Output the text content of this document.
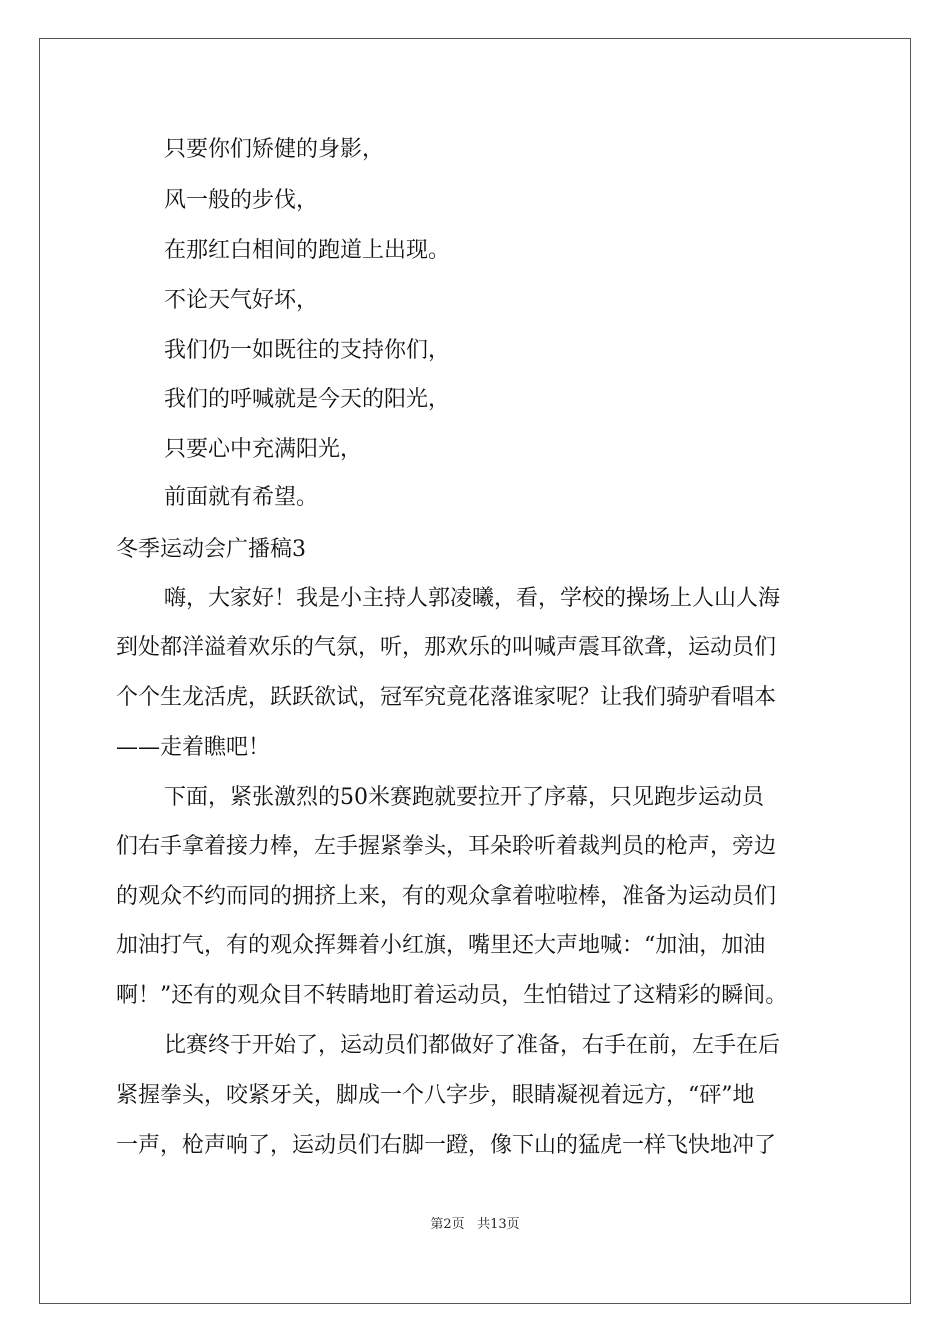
只要你们矫健的身影，
风一般的步伐，
在那红白相间的跑道上出现。
不论天气好坏，
我们仍一如既往的支持你们，
我们的呼喊就是今天的阳光，
只要心中充满阳光，
前面就有希望。
冬季运动会广播稿3
嗨，大家好！我是小主持人郭凌曦，看，学校的操场上人山人海
到处都洋溢着欢乐的气氛，听，那欢乐的叫喊声震耳欲聋，运动员们
个个生龙活虎，跃跃欲试，冠军究竟花落谁家呢？让我们骑驴看唱本
——走着瞧吧！
下面，紧张激烈的50米赛跑就要拉开了序幕，只见跑步运动员
们右手拿着接力棒，左手握紧拳头，耳朵聆听着裁判员的枪声，旁边
的观众不约而同的拥挤上来，有的观众拿着啦啦棒，准备为运动员们
加油打气，有的观众挥舞着小红旗，嘴里还大声地喊：“加油，加油
啊！”还有的观众目不转睛地盯着运动员，生怕错过了这精彩的瞬间。
比赛终于开始了，运动员们都做好了准备，右手在前，左手在后
紧握拳头，咬紧牙关，脚成一个八字步，眼睛凝视着远方，“砰”地
一声，枪声响了，运动员们右脚一蹬，像下山的猛虎一样飞快地冲了
第2页 共13页
